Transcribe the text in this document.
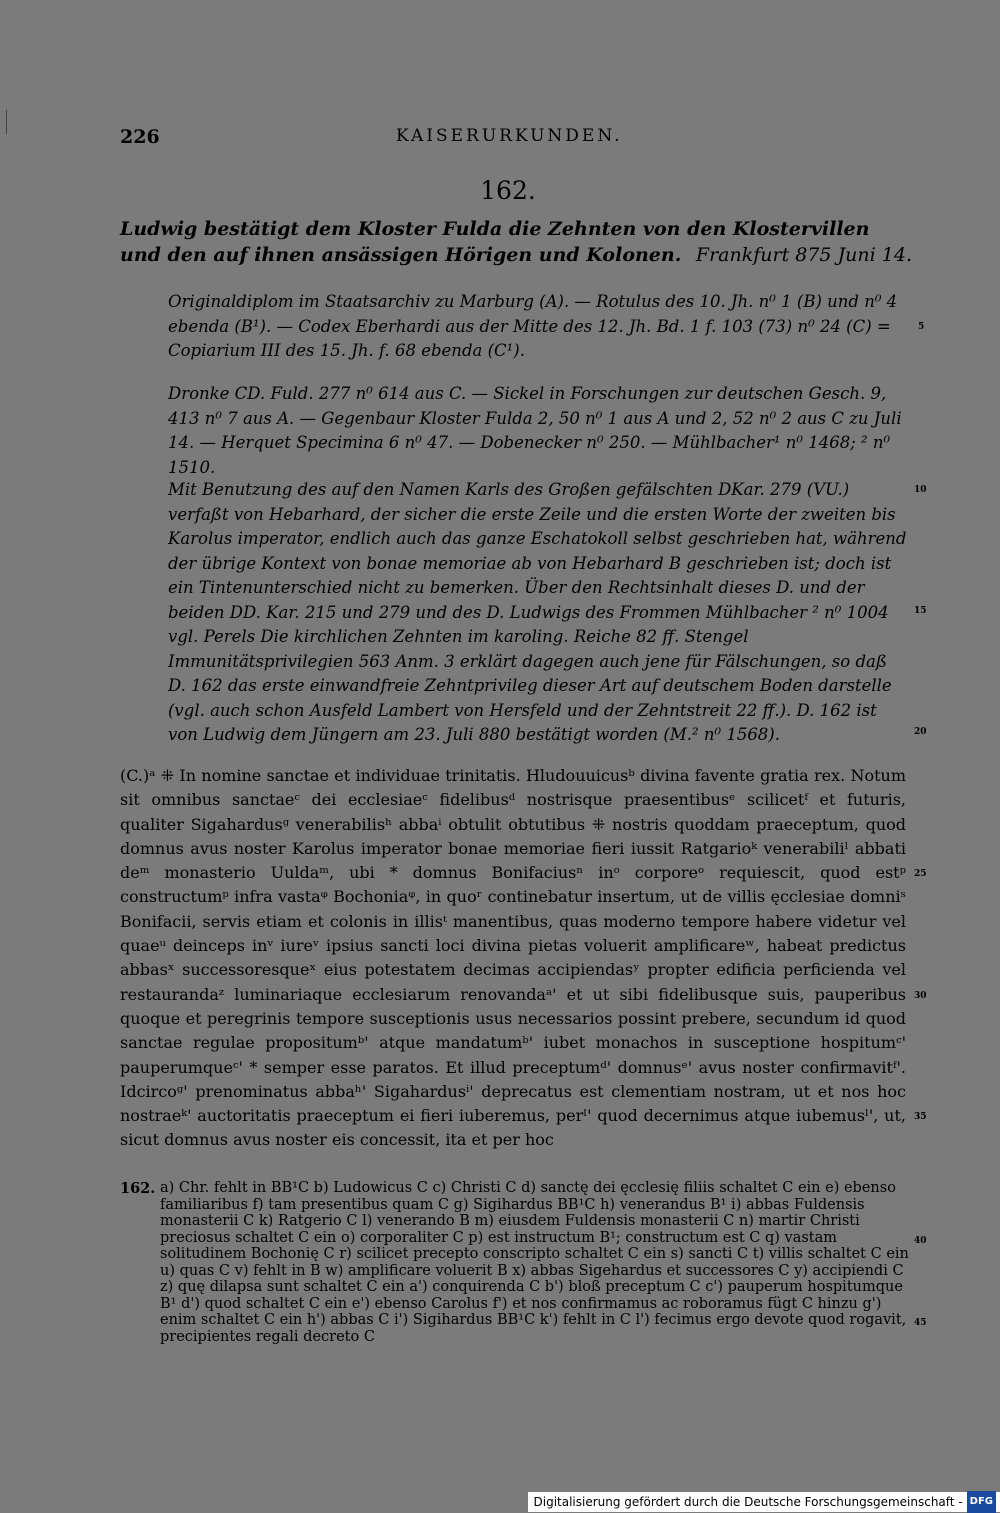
226	KAISERURKUNDEN.
162.
Ludwig bestätigt dem Kloster Fulda die Zehnten von den Klostervillen und den auf ihnen ansässigen Hörigen und Kolonen. Frankfurt 875 Juni 14.
Originaldiplom im Staatsarchiv zu Marburg (A). — Rotulus des 10. Jh. n⁰ 1 (B) und n⁰ 4 ebenda (B¹). — Codex Eberhardi aus der Mitte des 12. Jh. Bd. 1 f. 103 (73) n⁰ 24 (C) = Copiarium III des 15. Jh. f. 68 ebenda (C¹).
Dronke CD. Fuld. 277 n⁰ 614 aus C. — Sickel in Forschungen zur deutschen Gesch. 9, 413 n⁰ 7 aus A. — Gegenbaur Kloster Fulda 2, 50 n⁰ 1 aus A und 2, 52 n⁰ 2 aus C zu Juli 14. — Herquet Specimina 6 n⁰ 47. — Dobenecker n⁰ 250. — Mühlbacher¹ n⁰ 1468; ² n⁰ 1510.
Mit Benutzung des auf den Namen Karls des Großen gefälschten DKar. 279 (VU.) verfaßt von Hebarhard, der sicher die erste Zeile und die ersten Worte der zweiten bis Karolus imperator, endlich auch das ganze Eschatokoll selbst geschrieben hat, während der übrige Kontext von bonae memoriae ab von Hebarhard B geschrieben ist; doch ist ein Tintenunterschied nicht zu bemerken. Über den Rechtsinhalt dieses D. und der beiden DD. Kar. 215 und 279 und des D. Ludwigs des Frommen Mühlbacher ² n⁰ 1004 vgl. Perels Die kirchlichen Zehnten im karoling. Reiche 82 ff. Stengel Immunitätsprivilegien 563 Anm. 3 erklärt dagegen auch jene für Fälschungen, so daß D. 162 das erste einwandfreie Zehntprivileg dieser Art auf deutschem Boden darstelle (vgl. auch schon Ausfeld Lambert von Hersfeld und der Zehntstreit 22 ff.). D. 162 ist von Ludwig dem Jüngern am 23. Juli 880 bestätigt worden (M.² n⁰ 1568).
(C.)ᵃ ⁜ In nomine sanctae et individuae trinitatis. Hludouuicusᵇ divina favente gratia rex. Notum sit omnibus sanctaeᶜ dei ecclesiaeᶜ fidelibusᵈ nostrisque praesentibusᵉ scilicetᶠ et futuris, qualiter Sigahardusᵍ venerabilisʰ abbaⁱ obtulit obtutibus ⁜ nostris quoddam praeceptum, quod domnus avus noster Karolus imperator bonae memoriae fieri iussit Ratgarioᵏ venerabiliˡ abbati deᵐ monasterio Uuldaᵐ, ubi * domnus Bonifaciusⁿ inᵒ corporeᵒ requiescit, quod estᵖ constructumᵖ infra vastaᵠ Bochoniaᵠ, in quoʳ continebatur insertum, ut de villis ęcclesiae domniˢ Bonifacii, servis etiam et colonis in illisᵗ manentibus, quas moderno tempore habere videtur vel quaeᵘ deinceps inᵛ iureᵛ ipsius sancti loci divina pietas voluerit amplificareʷ, habeat predictus abbasˣ successoresqueˣ eius potestatem decimas accipiendasʸ propter edificia perficienda vel restaurandaᶻ luminariaque ecclesiarum renovandaᵃ' et ut sibi fidelibusque suis, pauperibus quoque et peregrinis tempore susceptionis usus necessarios possint prebere, secundum id quod sanctae regulae propositumᵇ' atque mandatumᵇ' iubet monachos in susceptione hospitumᶜ' pauperumqueᶜ' * semper esse paratos. Et illud preceptumᵈ' domnusᵉ' avus noster confirmavitᶠ'. Idcircoᵍ' prenominatus abbaʰ' Sigahardusⁱ' deprecatus est clementiam nostram, ut et nos hoc nostraeᵏ' auctoritatis praeceptum ei fieri iuberemus, perˡ' quod decernimus atque iubemusˡ', ut, sicut domnus avus noster eis concessit, ita et per hoc
162. a) Chr. fehlt in BB¹C b) Ludowicus C c) Christi C d) sanctę dei ęcclesię filiis schaltet C ein e) ebenso familiaribus f) tam presentibus quam C g) Sigihardus BB¹C h) venerandus B¹ i) abbas Fuldensis monasterii C k) Ratgerio C l) venerando B m) eiusdem Fuldensis monasterii C n) martir Christi preciosus schaltet C ein o) corporaliter C p) est instructum B¹; constructum est C q) vastam solitudinem Bochonię C r) scilicet precepto conscripto schaltet C ein s) sancti C t) villis schaltet C ein u) quas C v) fehlt in B w) amplificare voluerit B x) abbas Sigehardus et successores C y) accipiendi C z) quę dilapsa sunt schaltet C ein a') conquirenda C b') bloß preceptum C c') pauperum hospitumque B¹ d') quod schaltet C ein e') ebenso Carolus f') et nos confirmamus ac roboramus fügt C hinzu g') enim schaltet C ein h') abbas C i') Sigihardus BB¹C k') fehlt in C l') fecimus ergo devote quod rogavit, precipientes regali decreto C
5
10
15
20
25
30
35
40
45
Digitalisierung gefördert durch die Deutsche Forschungsgemeinschaft - DFG
